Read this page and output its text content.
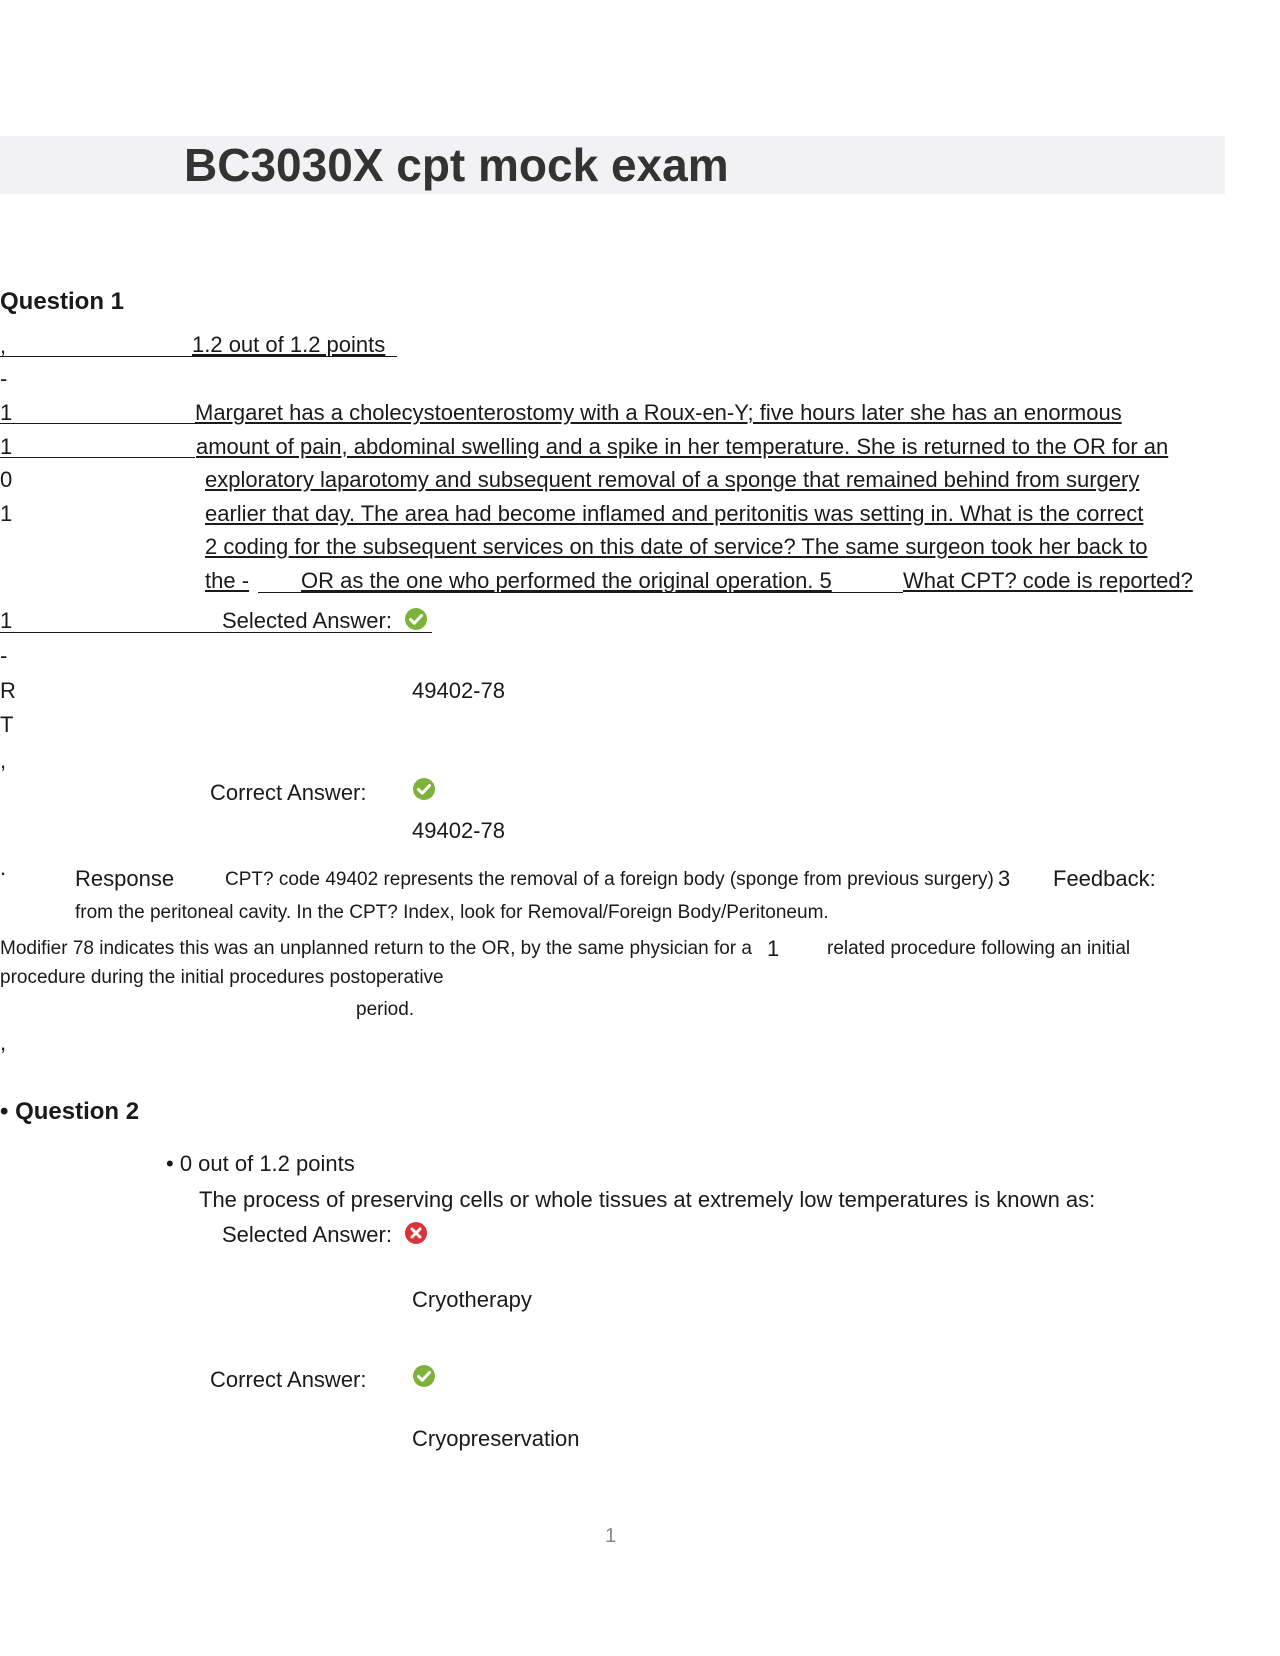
BC3030X cpt mock exam
Question 1
,	1.2 out of 1.2 points
-
1
1
0
1
Margaret has a cholecystoenterostomy with a Roux-en-Y; five hours later she has an enormous
amount of pain, abdominal swelling and a spike in her temperature. She is returned to the OR for an
exploratory laparotomy and subsequent removal of a sponge that remained behind from surgery
earlier that day. The area had become inflamed and peritonitis was setting in. What is the correct
2 coding for the subsequent services on this date of service? The same surgeon took her back to
the - OR as the one who performed the original operation. 5	What CPT? code is reported?
1	Selected Answer:
-
R	49402-78
T
,
Correct Answer:
49402-78
.	Response	CPT? code 49402 represents the removal of a foreign body (sponge from previous surgery) 3 Feedback:
from the peritoneal cavity. In the CPT? Index, look for Removal/Foreign Body/Peritoneum.
Modifier 78 indicates this was an unplanned return to the OR, by the same physician for a 1	related procedure following an initial
procedure during the initial procedures postoperative
period.
,
• Question 2
• 0 out of 1.2 points
The process of preserving cells or whole tissues at extremely low temperatures is known as:
Selected Answer:
Cryotherapy
Correct Answer:
Cryopreservation
1
